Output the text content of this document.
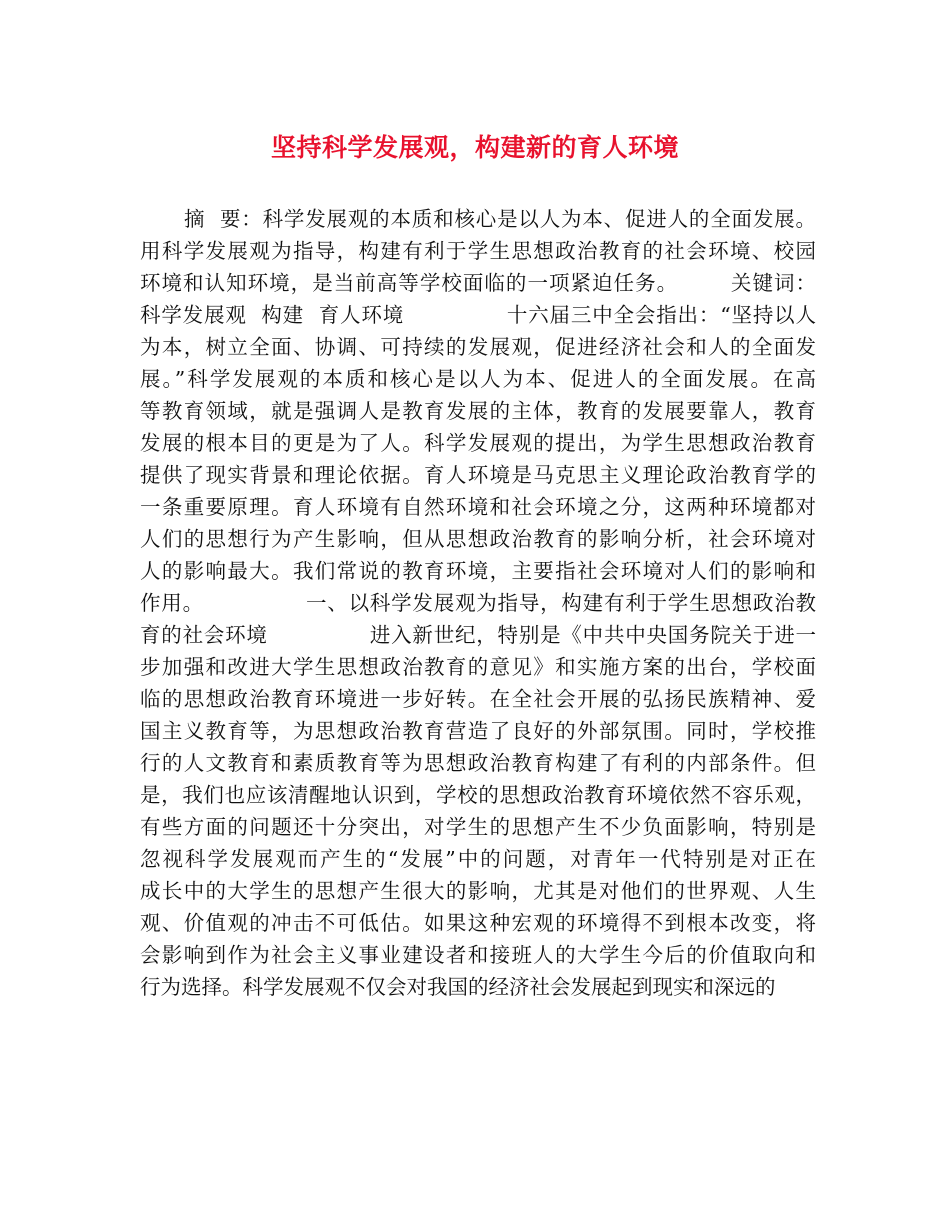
坚持科学发展观，构建新的育人环境
摘  要：科学发展观的本质和核心是以人为本、促进人的全面发展。
用科学发展观为指导，构建有利于学生思想政治教育的社会环境、校园
环境和认知环境，是当前高等学校面临的一项紧迫任务。       关键词：
科学发展观  构建  育人环境              十六届三中全会指出：“坚持以人
为本，树立全面、协调、可持续的发展观，促进经济社会和人的全面发
展。”科学发展观的本质和核心是以人为本、促进人的全面发展。在高
等教育领域，就是强调人是教育发展的主体，教育的发展要靠人，教育
发展的根本目的更是为了人。科学发展观的提出，为学生思想政治教育
提供了现实背景和理论依据。育人环境是马克思主义理论政治教育学的
一条重要原理。育人环境有自然环境和社会环境之分，这两种环境都对
人们的思想行为产生影响，但从思想政治教育的影响分析，社会环境对
人的影响最大。我们常说的教育环境，主要指社会环境对人们的影响和
作用。              一、以科学发展观为指导，构建有利于学生思想政治教
育的社会环境              进入新世纪，特别是《中共中央国务院关于进一
步加强和改进大学生思想政治教育的意见》和实施方案的出台，学校面
临的思想政治教育环境进一步好转。在全社会开展的弘扬民族精神、爱
国主义教育等，为思想政治教育营造了良好的外部氛围。同时，学校推
行的人文教育和素质教育等为思想政治教育构建了有利的内部条件。但
是，我们也应该清醒地认识到，学校的思想政治教育环境依然不容乐观，
有些方面的问题还十分突出，对学生的思想产生不少负面影响，特别是
忽视科学发展观而产生的“发展”中的问题，对青年一代特别是对正在
成长中的大学生的思想产生很大的影响，尤其是对他们的世界观、人生
观、价值观的冲击不可低估。如果这种宏观的环境得不到根本改变，将
会影响到作为社会主义事业建设者和接班人的大学生今后的价值取向和
行为选择。科学发展观不仅会对我国的经济社会发展起到现实和深远的
